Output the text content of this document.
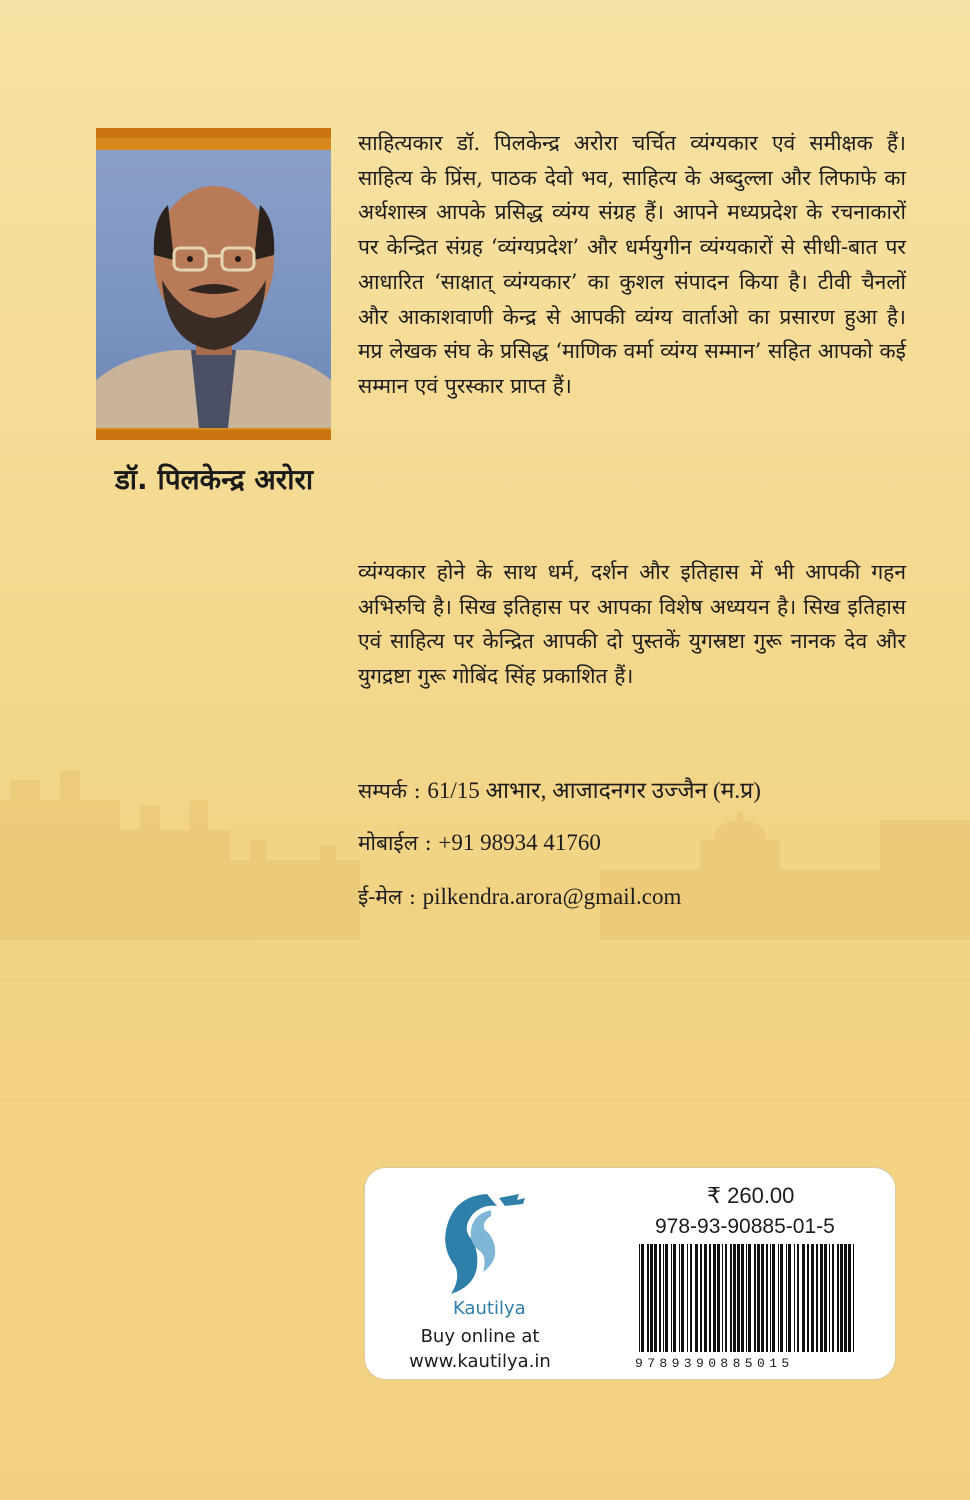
डॉ. पिलकेन्द्र अरोरा

साहित्यकार डॉ. पिलकेन्द्र अरोरा चर्चित व्यंग्यकार एवं समीक्षक हैं। साहित्य के प्रिंस, पाठक देवो भव, साहित्य के अब्दुल्ला और लिफाफे का अर्थशास्त्र आपके प्रसिद्ध व्यंग्य संग्रह हैं। आपने मध्यप्रदेश के रचनाकारों पर केन्द्रित संग्रह ‘व्यंग्यप्रदेश’ और धर्मयुगीन व्यंग्यकारों से सीधी-बात पर आधारित ‘साक्षात् व्यंग्यकार’ का कुशल संपादन किया है। टीवी चैनलों और आकाशवाणी केन्द्र से आपकी व्यंग्य वार्ताओ का प्रसारण हुआ है। मप्र लेखक संघ के प्रसिद्ध ‘माणिक वर्मा व्यंग्य सम्मान’ सहित आपको कई सम्मान एवं पुरस्कार प्राप्त हैं।

व्यंग्यकार होने के साथ धर्म, दर्शन और इतिहास में भी आपकी गहन अभिरुचि है। सिख इतिहास पर आपका विशेष अध्ययन है। सिख इतिहास एवं साहित्य पर केन्द्रित आपकी दो पुस्तकें युगस्रष्टा गुरू नानक देव और युगद्रष्टा गुरू गोबिंद सिंह प्रकाशित हैं।

सम्पर्क : 61/15 आभार, आजादनगर उज्जैन (म.प्र)

मोबाईल : +91 98934 41760

ई-मेल : pilkendra.arora@gmail.com

Kautilya

Buy online at

www.kautilya.in

₹ 260.00

978-93-90885-01-5

9789390885015
